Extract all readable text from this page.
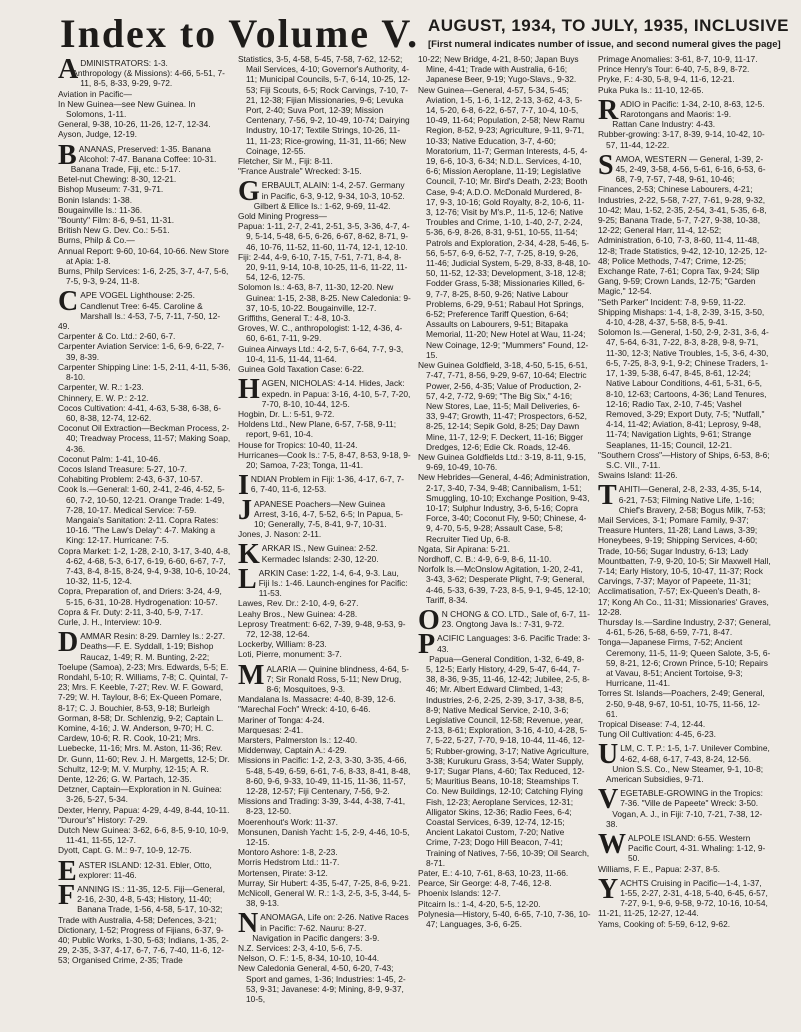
Index to Volume V. AUGUST, 1934, TO JULY, 1935, INCLUSIVE
[First numeral indicates number of issue, and second numeral gives the page]
ADMINISTRATORS: 1-3.
Anthropology (& Missions): 4-66, 5-51, 7-11, 8-5, 8-33, 9-29, 9-72.
Aviation in Pacific—
In New Guinea—see New Guinea. In Solomons, 1-11.
General, 9-38, 10-26, 11-26, 12-7, 12-34.
Ayson, Judge, 12-19.
BANANAS, Preserved: 1-35. Banana Alcohol: 7-47. Banana Coffee: 10-31.
Banana Trade, Fiji, etc.: 5-17.
Betel-nut Chewing: 8-30, 12-21.
Bishop Museum: 7-31, 9-71.
Bonin Islands: 1-38.
Bougainville Is.: 11-36.
"Bounty" Film: 8-6, 9-51, 11-31.
British New G. Dev. Co.: 5-51.
Burns, Philp & Co.—
Annual Report: 9-60, 10-64, 10-66. New Store at Apia: 1-8.
Burns, Philp Services: 1-6, 2-25, 3-7, 4-7, 5-6, 7-5, 9-3, 9-24, 11-8.
CAPE VOGEL Lighthouse: 2-25. Candlenut Tree: 6-45. Caroline & Marshall Is.: 4-53, 7-5, 7-11, 7-50, 12-49.
Carpenter & Co. Ltd.: 2-60, 6-7.
Carpenter Aviation Service: 1-6, 6-9, 6-22, 7-39, 8-39.
Carpenter Shipping Line: 1-5, 2-11, 4-11, 5-36, 8-10.
Carpenter, W. R.: 1-23.
Chinnery, E. W. P.: 2-12.
Cocos Cultivation: 4-41, 4-63, 5-38, 6-38, 6-60, 8-38, 12-74, 12-62.
Coconut Oil Extraction—Beckman Process, 2-40; Treadway Process, 11-57; Making Soap, 4-36.
Coconut Palm: 1-41, 10-46.
Cocos Island Treasure: 5-27, 10-7.
Cohabiting Problem: 2-43, 6-37, 10-57.
Cook Is.—General: 1-60, 2-41, 2-46, 4-52, 5-60, 7-2, 10-50, 12-21. Orange Trade: 1-49, 7-28, 10-17. Medical Service: 7-59. Mangaia's Sanitation: 2-11. Copra Rates: 10-16. "The Law's Delay": 4-7. Making a King: 12-17. Hurricane: 7-5.
Copra Market: 1-2, 1-28, 2-10, 3-17, 3-40, 4-8, 4-62, 4-68, 5-3, 6-17, 6-19, 6-60, 6-67, 7-7, 7-43, 8-4, 8-15, 8-24, 9-4, 9-38, 10-6, 10-24, 10-32, 11-5, 12-4.
Copra, Preparation of, and Driers: 3-24, 4-9, 5-15, 6-31, 10-28. Hydrogenation: 10-57.
Copra & Fr. Duty: 2-11, 3-40, 5-9, 7-17.
Curle, J. H., Interview: 10-9.
DAMMAR Resin: 8-29. Darnley Is.: 2-27. Deaths—F. E. Syddall, 1-19; Bishop Raucaz, 1-49; R. M. Bunting, 2-22; Toelupe (Samoa), 2-23; Mrs. Edwards, 5-5; E. Rondahl, 5-10; R. Williams, 7-8; C. Quintal, 7-23; Mrs. F. Keeble, 7-27; Rev. W. F. Goward, 7-29; W. H. Taylour, 8-6; Ex-Queen Pomare, 8-17; C. J. Bouchier, 8-53, 9-18; Burleigh Gorman, 8-58; Dr. Schlenzig, 9-2; Captain L. Komine, 4-16; J. W. Anderson, 9-70; H. C. Cardew, 10-6; R. R. Cook, 10-21; Mrs. Luebecke, 11-16; Mrs. M. Aston, 11-36; Rev. Dr. Gunn, 11-60; Rev. J. H. Margetts, 12-5; Dr. Schultz, 12-9; M. V. Murphy, 12-15; A. R. Dente, 12-26; G. W. Partach, 12-35.
Detzner, Captain—Exploration in N. Guinea: 3-26, 5-27, 5-34.
Dexter, Henry, Papua: 4-29, 4-49, 8-44, 10-11.
"Durour's" History: 7-29.
Dutch New Guinea: 3-62, 6-6, 8-5, 9-10, 10-9, 11-41, 11-55, 12-7.
Dyott, Capt. G. M.: 9-7, 10-9, 12-75.
EASTER ISLAND: 12-31. Ebler, Otto, explorer: 11-46.
FANNING IS.: 11-35, 12-5. Fiji—General, 2-16, 2-30, 4-8, 5-43; History, 11-40; Banana Trade, 1-56, 4-58, 5-17, 10-32; Trade with Australia, 4-58; Defences, 3-21; Dictionary, 1-52; Progress of Fijians, 6-37, 9-40; Public Works, 1-30, 5-63; Indians, 1-35, 2-29, 2-35, 3-37, 4-17, 6-7, 7-6, 7-40, 11-6, 12-53; Organised Crime, 2-35; Trade
Statistics, 3-5, 4-58, 5-45, 7-58, 7-62, 12-52; Mail Services, 4-10; Governor's Authority, 4-11; Municipal Councils, 5-7, 6-14, 10-25, 12-53; Fiji Scouts, 6-5; Rock Carvings, 7-10, 7-21, 12-38; Fijian Missionaries, 9-6; Levuka Port, 2-40; Suva Port, 12-39; Mission Centenary, 7-56, 9-2, 10-49, 10-74; Dairying Industry, 10-17; Textile Strings, 10-26, 11-11, 11-23; Rice-growing, 11-31, 11-66; New Coinage, 12-55.
Fletcher, Sir M., Fiji: 8-11.
"France Australe" Wrecked: 3-15.
GERBAULT, ALAIN: 1-4, 2-57. Germany in Pacific, 6-3, 9-12, 9-34, 10-3, 10-52.
Gilbert & Ellice Is.: 1-62, 9-69, 11-42.
Gold Mining Progress—
Papua: 1-11, 2-7, 2-41, 2-51, 3-5, 3-36, 4-7, 4-9, 5-14, 5-48, 6-5, 6-26, 6-67, 8-62, 8-71, 9-46, 10-76, 11-52, 11-60, 11-74, 12-1, 12-10.
Fiji: 2-44, 4-9, 6-10, 7-15, 7-51, 7-71, 8-4, 8-20, 9-11, 9-14, 10-8, 10-25, 11-6, 11-22, 11-54, 12-6, 12-75.
Solomon Is.: 4-63, 8-7, 11-30, 12-20. New Guinea: 1-15, 2-38, 8-25. New Caledonia: 9-37, 10-5, 10-22. Bougainville, 12-7.
Griffiths, General T.: 4-8, 10-3.
Groves, W. C., anthropologist: 1-12, 4-36, 4-60, 6-61, 7-11, 9-29.
Guinea Airways Ltd.: 4-2, 5-7, 6-64, 7-7, 9-3, 10-4, 11-5, 11-44, 11-64.
Guinea Gold Taxation Case: 6-22.
HAGEN, NICHOLAS: 4-14. Hides, Jack: expedn. in Papua: 3-16, 4-10, 5-7, 7-20, 7-70, 8-10, 10-44, 12-5.
Hogbin, Dr. L.: 5-51, 9-72.
Holdens Ltd., New Plane, 6-57, 7-58, 9-11; report, 9-61, 10-4.
House for Tropics: 10-40, 11-24.
Hurricanes—Cook Is.: 7-5, 8-47, 8-53, 9-18, 9-20; Samoa, 7-23; Tonga, 11-41.
INDIAN Problem in Fiji: 1-36, 4-17, 6-7, 7-6, 7-40, 11-6, 12-53.
JAPANESE Poachers—New Guinea Arrest, 3-16, 4-7, 5-52, 6-5; In Papua, 5-10; Generally, 7-5, 8-41, 9-7, 10-31.
Jones, J. Nason: 2-11.
KARKAR IS., New Guinea: 2-52. Kermadec Islands: 2-30, 12-20.
LARKIN Case: 1-22, 1-4, 6-4, 9-3. Lau, Fiji Is.: 1-46. Launch-engines for Pacific: 11-53.
Lawes, Rev. Dr.: 2-10, 4-9, 6-27.
Leahy Bros., New Guinea: 4-28.
Leprosy Treatment: 6-62, 7-39, 9-48, 9-53, 9-72, 12-38, 12-64.
Lockerby, William: 8-23.
Loti, Pierre, monument: 3-7.
MALARIA — Quinine blindness, 4-64, 5-7; Sir Ronald Ross, 5-11; New Drug, 8-6; Mosquitoes, 9-3.
Mandalana Is. Massacre: 4-40, 8-39, 12-6.
"Marechal Foch" Wreck: 4-10, 6-46.
Mariner of Tonga: 4-24.
Marquesas: 2-41.
Marsters, Palmerston Is.: 12-40.
Middenway, Captain A.: 4-29.
Missions in Pacific: 1-2, 2-3, 3-30, 3-35, 4-66, 5-48, 5-49, 6-59, 6-61, 7-6, 8-33, 8-41, 8-48, 8-60, 9-6, 9-33, 10-49, 11-15, 11-36, 11-57, 12-28, 12-57; Fiji Centenary, 7-56, 9-2.
Missions and Trading: 3-39, 3-44, 4-38, 7-41, 8-23, 12-50.
Moerenhout's Work: 11-37.
Monsunen, Danish Yacht: 1-5, 2-9, 4-46, 10-5, 12-15.
Montoro Ashore: 1-8, 2-23.
Morris Hedstrom Ltd.: 11-7.
Mortensen, Pirate: 3-12.
Murray, Sir Hubert: 4-35, 5-47, 7-25, 8-6, 9-21.
McNicoll, General W. R.: 1-3, 2-5, 3-5, 3-44, 5-38, 9-13.
NANOMAGA, Life on: 2-26. Native Races in Pacific: 7-62. Nauru: 8-27.
Navigation in Pacific dangers: 3-9.
N.Z. Services: 2-3, 4-10, 5-6, 7-5.
Nelson, O. F.: 1-5, 8-34, 10-10, 10-44.
New Caledonia General, 4-50, 6-20, 7-43; Sport and games, 1-36; Industries: 1-45, 2-53, 9-31; Javanese: 4-9; Mining, 8-9, 9-37, 10-5,
10-22; New Bridge, 4-21, 8-50; Japan Buys Mine, 4-41; Trade with Australia, 6-16; Japanese Beer, 9-19; Yugo-Slavs., 9-32.
New Guinea—General, 4-57, 5-34, 5-45; Aviation, 1-5, 1-6, 1-12, 2-13, 3-62, 4-3, 5-14, 5-20, 6-8, 6-22, 6-57, 7-7, 10-4, 10-5, 10-49, 11-64; Population, 2-58; New Ramu Region, 8-52, 9-23; Agriculture, 9-11, 9-71, 10-33; Native Education, 3-7, 4-60; Moratorium, 11-7; German Interests, 4-5, 4-19, 6-6, 10-3, 6-34; N.D.L. Services, 4-10, 6-6; Mission Aeroplane, 11-19; Legislative Council, 7-10; Mr. Bird's Death, 2-23; Booth Case, 9-4; A.D.O. McDonald Murdered, 8-17, 9-3, 10-16; Gold Royalty, 8-2, 10-6, 11-3, 12-76; Visit by M's.P., 11-5, 12-6; Native Troubles and Crime, 1-10, 1-40, 2-7, 2-24, 5-36, 6-9, 8-26, 8-31, 9-51, 10-55, 11-54; Patrols and Exploration, 2-34, 4-28, 5-46, 5-56, 5-57, 6-9, 6-52, 7-7, 7-25, 8-19, 9-26, 11-46; Judicial System, 5-29, 8-33, 8-48, 10-50, 11-52, 12-33; Development, 3-18, 12-8; Fodder Grass, 5-38; Missionaries Killed, 6-9, 7-7, 8-25, 8-50, 9-26; Native Labour Problems, 6-29, 9-51; Rabaul Hot Springs, 6-52; Preference Tariff Question, 6-64; Assaults on Labourers, 9-51; Bitapaka Memorial, 11-20; New Hotel at Wau, 11-24; New Coinage, 12-9; "Mummers" Found, 12-15.
New Guinea Goldfield, 3-18, 4-50, 5-15, 6-51, 7-47, 7-71, 8-56, 9-29, 9-67, 10-64; Electric Power, 2-56, 4-35; Value of Production, 2-57, 4-2, 7-72, 9-69; "The Big Six," 4-16; New Stores, Lae, 11-5; Mail Deliveries, 6-33, 9-47; Growth, 11-47; Prospectors, 6-52, 8-25, 12-14; Sepik Gold, 8-25; Day Dawn Mine, 11-7, 12-9; F. Deckert, 11-16; Bigger Dredges, 12-6; Edie Ck. Roads, 12-46.
New Guinea Goldfields Ltd.: 3-19, 8-11, 9-15, 9-69, 10-49, 10-76.
New Hebrides—General, 4-46; Administration, 2-17, 3-40, 7-34, 9-48; Cannibalism, 1-51; Smuggling, 10-10; Exchange Position, 9-43, 10-17; Sulphur Industry, 3-6, 5-16; Copra Force, 3-40; Coconut Fly, 9-50; Chinese, 4-9, 4-70, 5-5, 9-28; Assault Case, 5-8; Recruiter Tied Up, 6-8.
Ngata, Sir Apirana: 5-21.
Nordhoff, C. B.: 4-9, 6-9, 8-6, 11-10.
Norfolk Is.—McOnslow Agitation, 1-20, 2-41, 3-43, 3-62; Desperate Plight, 7-9; General, 4-46, 5-33, 6-39, 7-23, 8-5, 9-1, 9-45, 12-10; Tariff, 8-34.
O N CHONG & CO. LTD., Sale of, 6-7, 11-23. Ongtong Java Is.: 7-31, 9-72.
PACIFIC Languages: 3-6. Pacific Trade: 3-43.
Papua—General Condition, 1-32, 6-49, 8-5, 12-5; Early History, 4-29, 5-47, 6-44, 7-38, 8-36, 9-35, 11-46, 12-42; Jubilee, 2-5, 8-46; Mr. Albert Edward Climbed, 1-43; Industries, 2-6, 2-25, 2-39, 3-17, 3-38, 8-5, 8-9; Native Medical Service, 2-10, 3-6; Legislative Council, 12-58; Revenue, year, 2-13, 8-61; Exploration, 3-16, 4-10, 4-28, 5-7, 5-22, 5-27, 7-70, 9-18, 10-44, 11-46, 12-5; Rubber-growing, 3-17; Native Agriculture, 3-38; Kurukuru Grass, 3-54; Water Supply, 9-17; Sugar Plans, 4-60; Tax Reduced, 12-5; Mauritius Beans, 10-18; Steamships T. Co. New Buildings, 12-10; Catching Flying Fish, 12-23; Aeroplane Services, 12-31; Alligator Skins, 12-36; Radio Fees, 6-4; Coastal Services, 6-39, 12-74, 12-15; Ancient Lakatoi Custom, 7-20; Native Crime, 7-23; Dogo Hill Beacon, 7-41; Training of Natives, 7-56, 10-39; Oil Search, 8-71.
Pater, E.: 4-10, 7-61, 8-63, 10-23, 11-66.
Pearce, Sir George: 4-8, 7-46, 12-8.
Phoenix Islands: 12-7.
Pitcairn Is.: 1-4, 4-20, 5-5, 12-20.
Polynesia—History, 5-40, 6-65, 7-10, 7-36, 10-47; Languages, 3-6, 6-25.
Primage Anomalies: 3-61, 8-7, 10-9, 11-17.
Prince Henry's Tour: 6-40, 7-5, 8-9, 8-72.
Pryke, F.: 4-30, 5-8, 9-4, 11-6, 12-21.
Puka Puka Is.: 11-10, 12-65.
RADIO in Pacific: 1-34, 2-10, 8-63, 12-5. Rarotongans and Maoris: 1-9.
Rattan Cane Industry: 4-43.
Rubber-growing: 3-17, 8-39, 9-14, 10-42, 10-57, 11-44, 12-22.
SAMOA, WESTERN — General, 1-39, 2-45, 2-49, 3-58, 4-56, 5-61, 6-16, 6-53, 6-68, 7-9, 7-57, 7-48, 9-61, 10-46; Finances, 2-53; Chinese Labourers, 4-21; Industries, 2-22, 5-58, 7-27, 7-61, 9-28, 9-32, 10-42; Mau, 1-52, 2-35, 2-54, 3-41, 5-35, 6-8, 9-25; Banana Trade, 5-7, 7-27, 9-38, 10-38, 12-22; General Harr, 11-4, 12-52; Administration, 6-10, 7-3, 8-60, 11-4, 11-48, 12-8; Trade Statistics, 9-42, 12-10, 12-25, 12-48; Police Methods, 7-47; Crime, 12-25; Exchange Rate, 7-61; Copra Tax, 9-24; Slip Gang, 9-59; Crown Lands, 12-75; "Garden Magic," 12-54.
"Seth Parker" Incident: 7-8, 9-59, 11-22.
Shipping Mishaps: 1-4, 1-8, 2-39, 3-15, 3-50, 4-10, 4-28, 4-37, 5-58, 8-5, 9-41.
Solomon Is.—General, 1-50, 2-9, 2-31, 3-6, 4-47, 5-64, 6-31, 7-22, 8-3, 8-28, 9-8, 9-71, 11-30, 12-3; Native Troubles, 1-5, 3-6, 4-30, 6-5, 7-25, 8-3, 9-1, 9-2; Chinese Traders, 1-17, 1-39, 5-38, 6-47, 8-45, 8-61, 12-24; Native Labour Conditions, 4-61, 5-31, 6-5, 8-10, 12-63; Cartoons, 4-36; Land Tenures, 12-16; Radio Tax, 2-10, 7-45; Vashel Removed, 3-29; Export Duty, 7-5; "Nutfall," 4-14, 11-42; Aviation, 8-41; Leprosy, 9-48, 11-74; Navigation Lights, 9-61; Strange Seaplanes, 11-15; Council, 12-21.
"Southern Cross"—History of Ships, 6-53, 8-6; S.C. VII., 7-11.
Swains Island: 11-26.
TAHITI—General, 2-8, 2-33, 4-35, 5-14, 6-21, 7-53; Filming Native Life, 1-16; Chief's Bravery, 2-58; Bogus Milk, 7-53; Mail Services, 3-1; Pomare Family, 9-37; Treasure Hunters, 11-28; Land Laws, 3-39; Honeybees, 9-19; Shipping Services, 4-60; Trade, 10-56; Sugar Industry, 6-13; Lady Mountbatten, 7-9, 9-20, 10-5; Sir Maxwell Hall, 7-14; Early History, 10-5, 10-47, 11-37; Rock Carvings, 7-37; Mayor of Papeete, 11-31; Acclimatisation, 7-57; Ex-Queen's Death, 8-17; Kong Ah Co., 11-31; Missionaries' Graves, 12-28.
Thursday Is.—Sardine Industry, 2-37; General, 4-61, 5-26, 5-68, 6-59, 7-71, 8-47.
Tonga—Japanese Firms, 7-52; Ancient Ceremony, 11-5, 11-9; Queen Salote, 3-5, 6-59, 8-21, 12-6; Crown Prince, 5-10; Repairs at Vavau, 8-51; Ancient Tortoise, 9-3; Hurricane, 11-41.
Torres St. Islands—Poachers, 2-49; General, 2-50, 9-48, 9-67, 10-51, 10-75, 11-56, 12-61.
Tropical Disease: 7-4, 12-44.
Tung Oil Cultivation: 4-45, 6-23.
ULM, C. T. P.: 1-5, 1-7. Unilever Combine, 4-62, 4-68, 6-17, 7-43, 8-24, 12-56.
Union S.S. Co., New Steamer, 9-1, 10-8; American Subsidies, 9-71.
VEGETABLE-GROWING in the Tropics: 7-36. "Ville de Papeete" Wreck: 3-50.
Vogan, A. J., in Fiji: 7-10, 7-21, 7-38, 12-38.
WALPOLE ISLAND: 6-55. Western Pacific Court, 4-31. Whaling: 1-12, 9-50.
Williams, F. E., Papua: 2-37, 8-5.
YACHTS Cruising in Pacific—1-4, 1-37, 1-55, 2-27, 2-31, 4-18, 5-40, 6-45, 6-57, 7-27, 9-1, 9-6, 9-58, 9-72, 10-16, 10-54, 11-21, 11-25, 12-27, 12-44.
Yams, Cooking of: 5-59, 6-12, 9-62.
